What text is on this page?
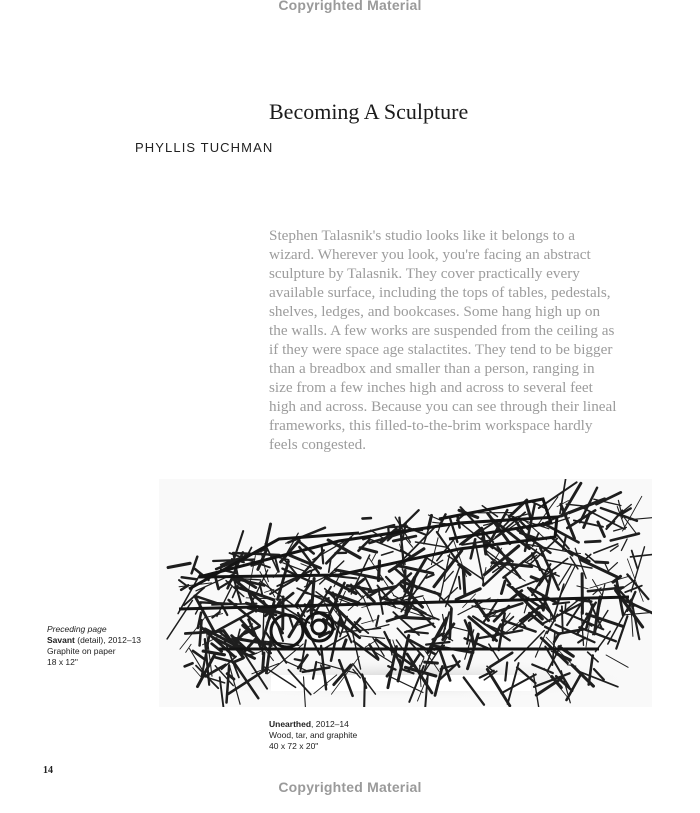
Copyrighted Material
Becoming A Sculpture
PHYLLIS TUCHMAN

Stephen Talasnik's studio looks like it belongs to a
wizard. Wherever you look, you're facing an abstract
sculpture by Talasnik. They cover practically every
available surface, including the tops of tables, pedestals,
shelves, ledges, and bookcases. Some hang high up on
the walls. A few works are suspended from the ceiling as
if they were space age stalactites. They tend to be bigger
than a breadbox and smaller than a person, ranging in
size from a few inches high and across to several feet
high and across. Because you can see through their lineal
frameworks, this filled-to-the-brim workspace hardly
feels congested.

Preceding page
Savant (detail), 2012–13
Graphite on paper
18 x 12"
Unearthed, 2012–14
Wood, tar, and graphite
40 x 72 x 20"
14
Copyrighted Material
